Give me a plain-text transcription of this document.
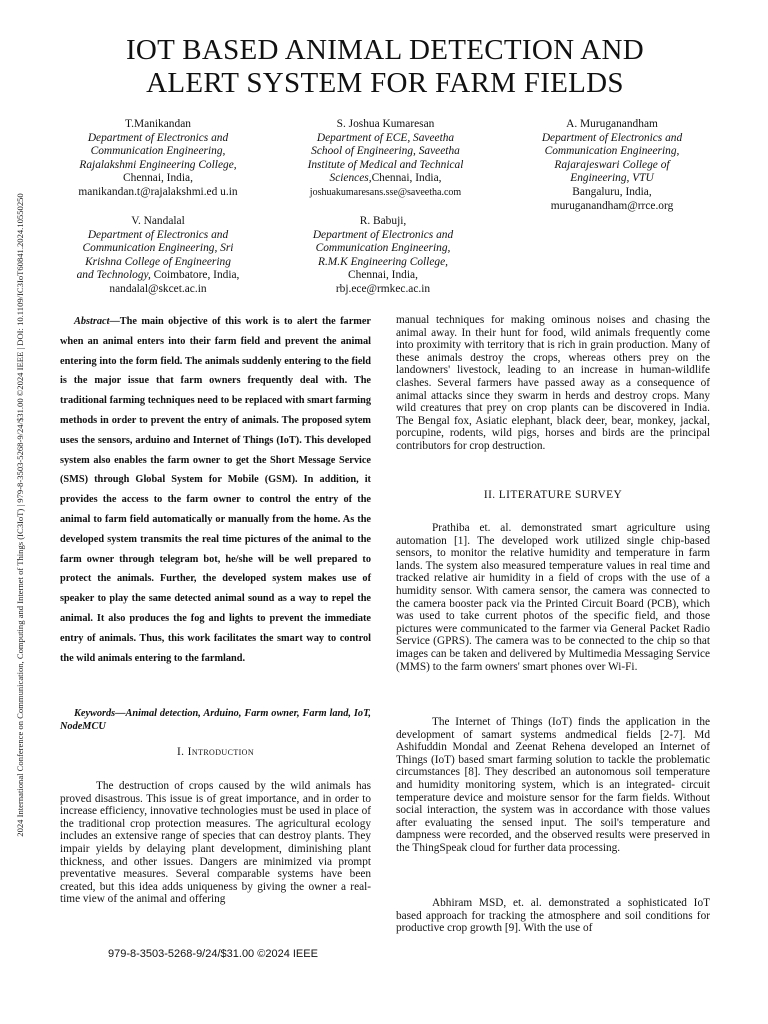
2024 International Conference on Communication, Computing and Internet of Things (IC3IoT) | 979-8-3503-5268-9/24/$31.00 ©2024 IEEE | DOI: 10.1109/IC3IoT60841.2024.10550250
IOT BASED ANIMAL DETECTION AND
ALERT SYSTEM FOR FARM FIELDS
T.Manikandan
Department of Electronics and
Communication Engineering,
Rajalakshmi Engineering College,
Chennai, India,
manikandan.t@rajalakshmi.ed u.in
S. Joshua Kumaresan
Department of ECE, Saveetha
School of Engineering, Saveetha
Institute of Medical and Technical
Sciences,Chennai, India,
joshuakumaresans.sse@saveetha.com
A. Muruganandham
Department of Electronics and
Communication Engineering,
Rajarajeswari College of
Engineering, VTU
Bangaluru, India,
muruganandham@rrce.org
V. Nandalal
Department of Electronics and
Communication Engineering, Sri
Krishna College of Engineering
and Technology, Coimbatore, India,
nandalal@skcet.ac.in
R. Babuji,
Department of Electronics and
Communication Engineering,
R.M.K Engineering College,
Chennai, India,
rbj.ece@rmkec.ac.in
Abstract—The main objective of this work is to alert the farmer when an animal enters into their farm field and prevent the animal entering into the form field. The animals suddenly entering to the field is the major issue that farm owners frequently deal with. The traditional farming techniques need to be replaced with smart farming methods in order to prevent the entry of animals. The proposed sytem uses the sensors, arduino and Internet of Things (IoT). This developed system also enables the farm owner to get the Short Message Service (SMS) through Global System for Mobile (GSM). In addition, it provides the access to the farm owner to control the entry of the animal to farm field automatically or manually from the home. As the developed system transmits the real time pictures of the animal to the farm owner through telegram bot, he/she will be well prepared to protect the animals. Further, the developed system makes use of speaker to play the same detected animal sound as a way to repel the animal. It also produces the fog and lights to prevent the immediate entry of animals. Thus, this work facilitates the smart way to control the wild animals entering to the farmland.
Keywords—Animal detection, Arduino, Farm owner, Farm land, IoT, NodeMCU
I. Introduction

The destruction of crops caused by the wild animals has proved disastrous. This issue is of great importance, and in order to increase efficiency, innovative technologies must be used in place of the traditional crop protection measures. The agricultural ecology includes an extensive range of species that can destroy plants. They impair yields by delaying plant development, diminishing plant thickness, and other issues. Dangers are minimized via prompt preventative measures. Several comparable systems have been created, but this idea adds uniqueness by giving the owner a real-time view of the animal and offering

manual techniques for making ominous noises and chasing the animal away. In their hunt for food, wild animals frequently come into proximity with territory that is rich in grain production. Many of these animals destroy the crops, whereas others prey on the landowners' livestock, leading to an increase in human-wildlife clashes. Several farmers have passed away as a consequence of animal attacks since they swarm in herds and destroy crops. Many wild creatures that prey on crop plants can be discovered in India. The Bengal fox, Asiatic elephant, black deer, bear, monkey, jackal, porcupine, rodents, wild pigs, horses and birds are the principal contributors for crop destruction.

II. LITERATURE SURVEY

Prathiba et. al. demonstrated smart agriculture using automation [1]. The developed work utilized single chip-based sensors, to monitor the relative humidity and temperature in farm lands. The system also measured temperature values in real time and tracked relative air humidity in a field of crops with the use of a humidity sensor. With camera sensor, the camera was connected to the camera booster pack via the Printed Circuit Board (PCB), which was used to take current photos of the specific field, and those pictures were communicated to the farmer via General Packet Radio Service (GPRS). The camera was to be connected to the chip so that images can be taken and delivered by Multimedia Messaging Service (MMS) to the farm owners' smart phones over Wi-Fi.

The Internet of Things (IoT) finds the application in the development of samart systems andmedical fields [2-7]. Md Ashifuddin Mondal and Zeenat Rehena developed an Internet of Things (IoT) based smart farming solution to tackle the problematic circumstances [8]. They described an autonomous soil temperature and humidity monitoring system, which is an integrated- circuit temperature device and moisture sensor for the farm fields. Without social interaction, the system was in accordance with those values after evaluating the sensed input. The soil's temperature and dampness were recorded, and the observed results were preserved in the ThingSpeak cloud for further data processing.

Abhiram MSD, et. al. demonstrated a sophisticated IoT based approach for tracking the atmosphere and soil conditions for productive crop growth [9]. With the use of

979-8-3503-5268-9/24/$31.00 ©2024 IEEE
